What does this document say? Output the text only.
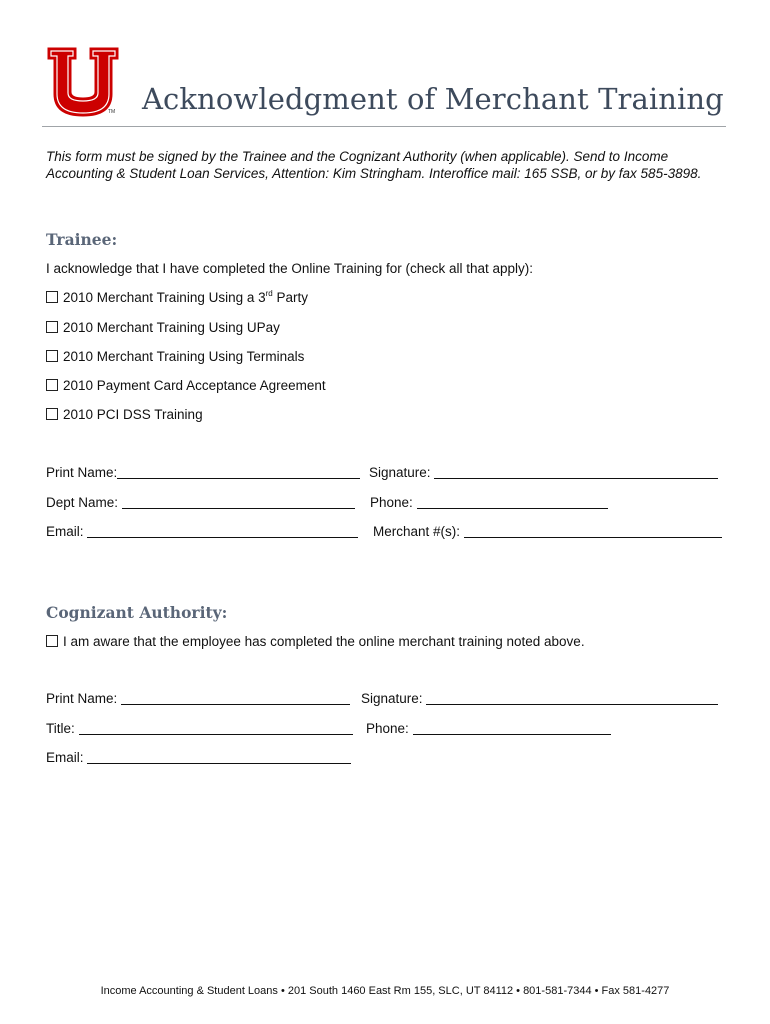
TM Acknowledgment of Merchant Training
This form must be signed by the Trainee and the Cognizant Authority (when applicable). Send to Income Accounting & Student Loan Services, Attention: Kim Stringham. Interoffice mail: 165 SSB, or by fax 585-3898.
Trainee:
I acknowledge that I have completed the Online Training for (check all that apply):
2010 Merchant Training Using a 3rd Party
2010 Merchant Training Using UPay
2010 Merchant Training Using Terminals
2010 Payment Card Acceptance Agreement
2010 PCI DSS Training
Print Name:	Signature:
Dept Name:	Phone:
Email:	Merchant #(s):
Cognizant Authority:
I am aware that the employee has completed the online merchant training noted above.
Print Name:	Signature:
Title:	Phone:
Email:
Income Accounting & Student Loans • 201 South 1460 East Rm 155, SLC, UT 84112 • 801-581-7344 • Fax 581-4277
